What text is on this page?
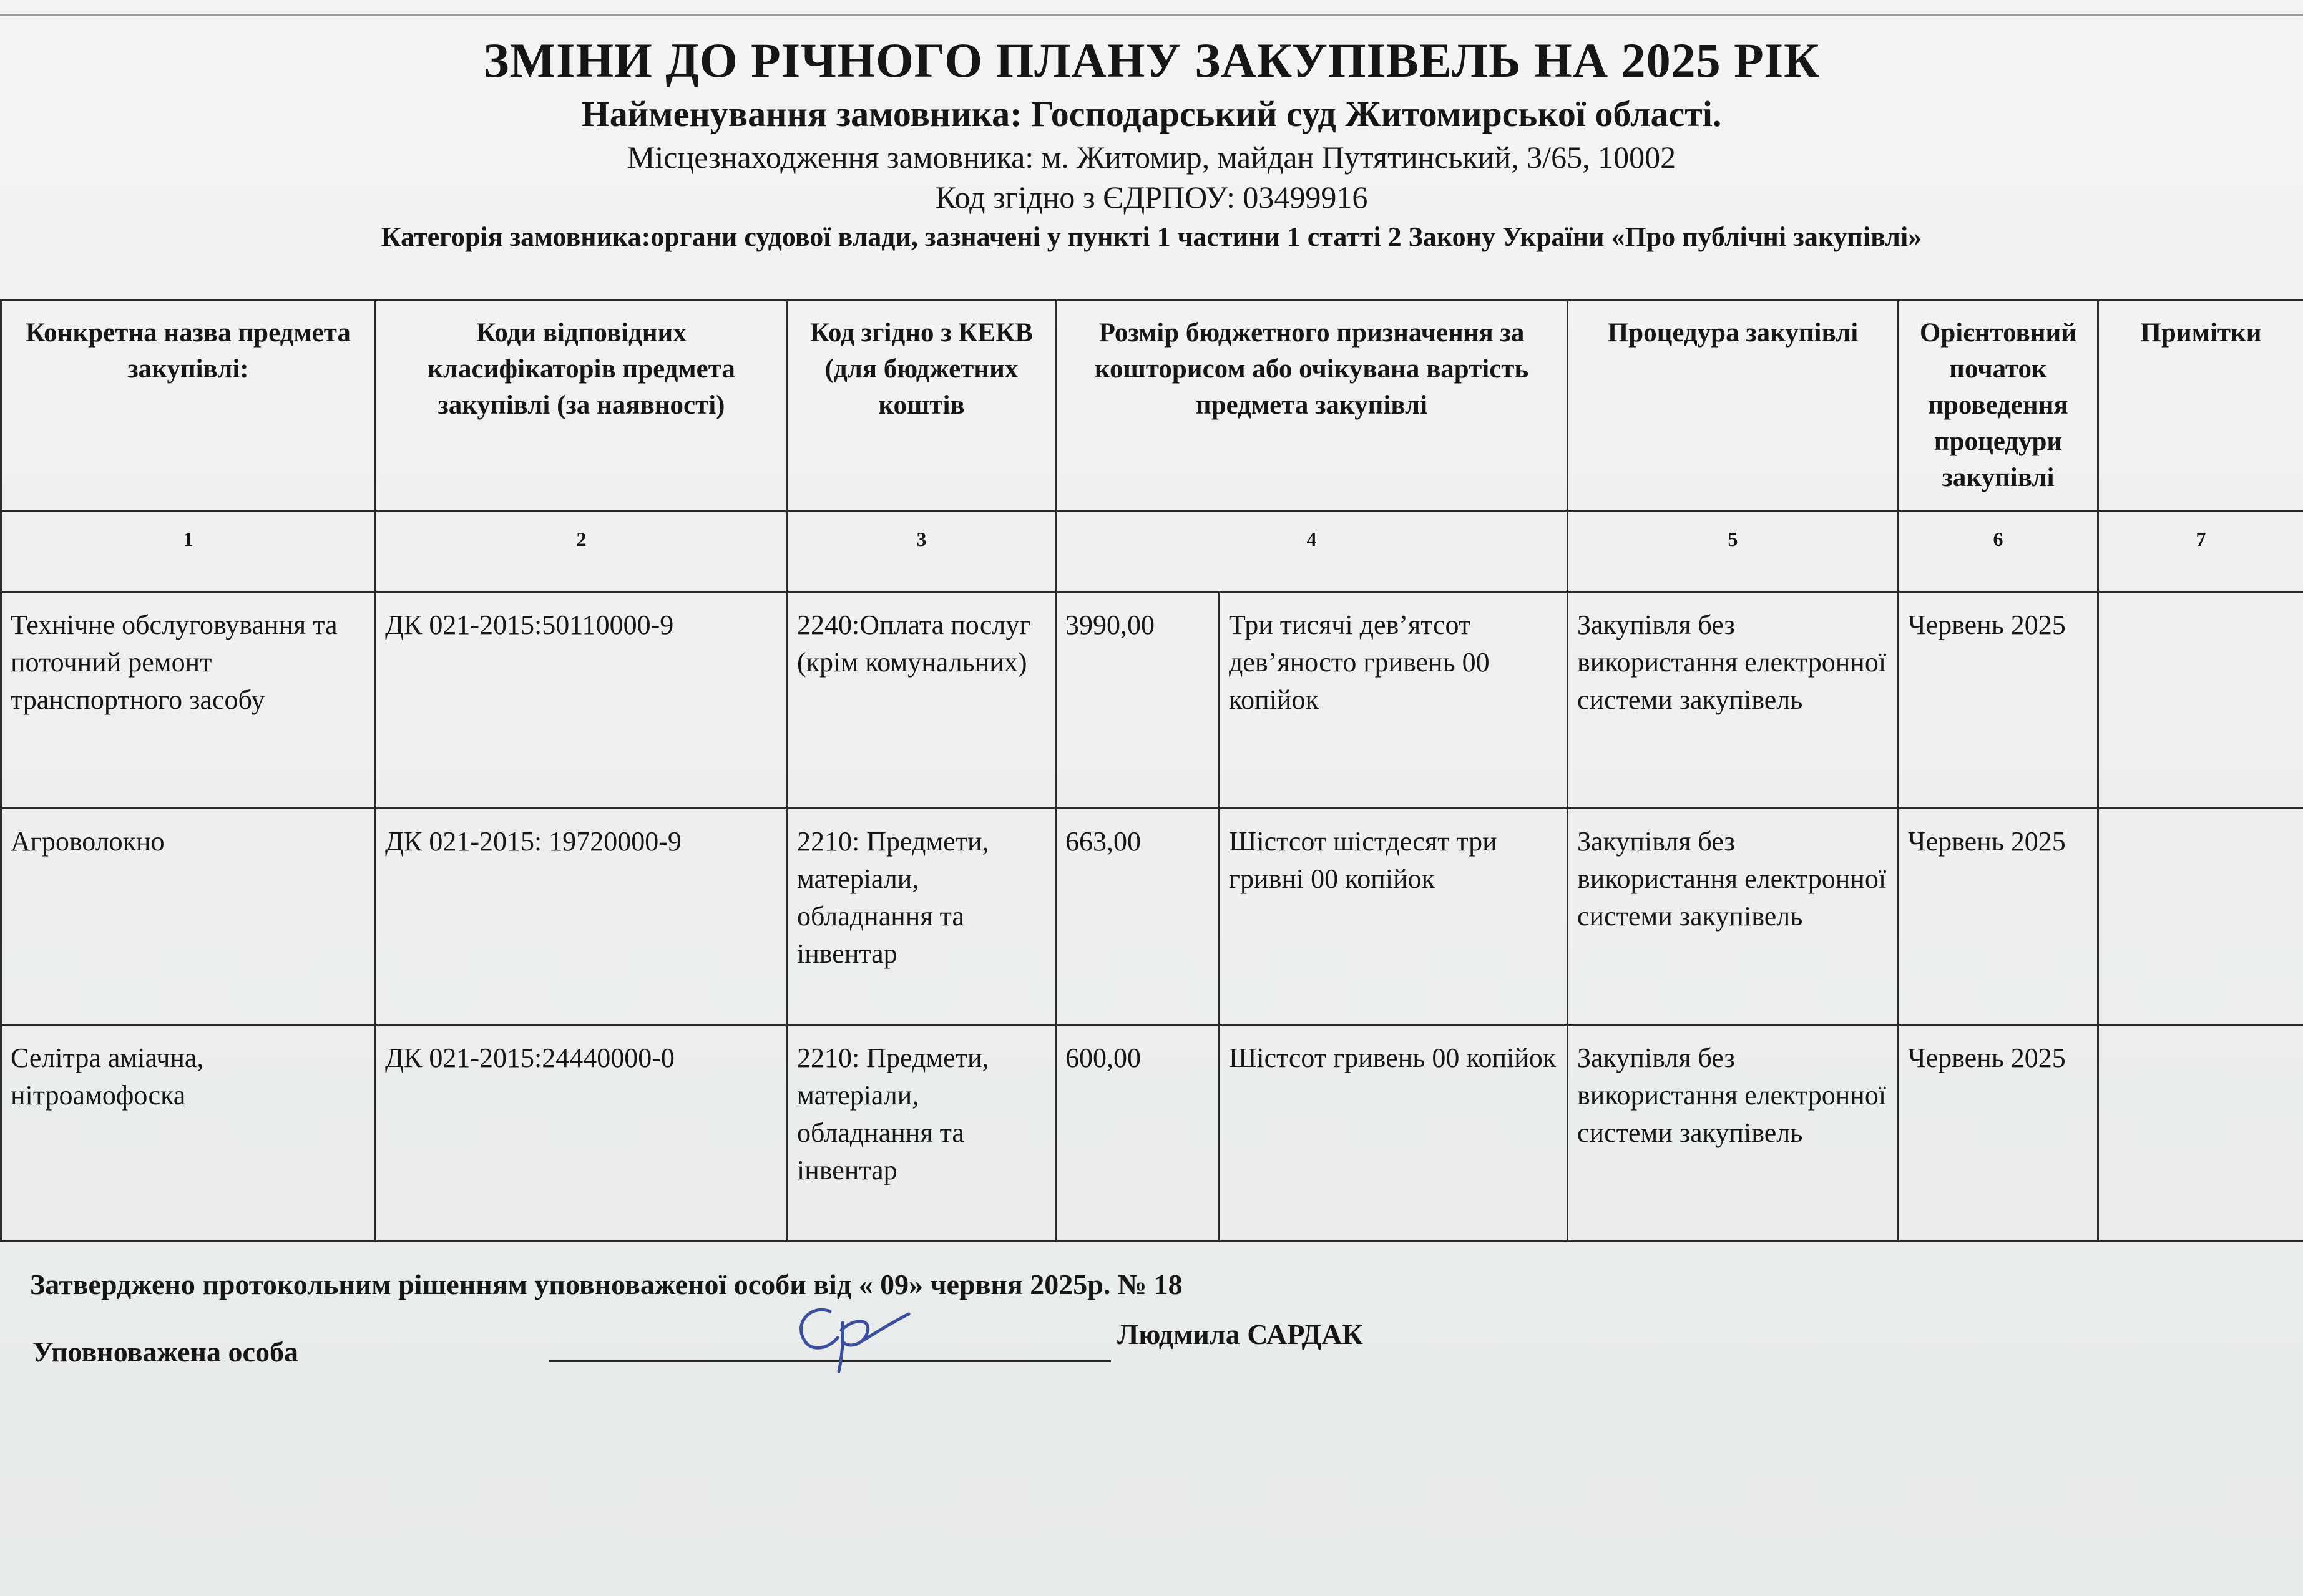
ЗМІНИ ДО РІЧНОГО ПЛАНУ ЗАКУПІВЕЛЬ НА 2025 РІК
Найменування замовника: Господарський суд Житомирської області.
Місцезнаходження замовника: м. Житомир, майдан Путятинський, 3/65, 10002
Код згідно з ЄДРПОУ: 03499916
Категорія замовника:органи судової влади, зазначені у пункті 1 частини 1 статті 2 Закону України «Про публічні закупівлі»
Конкретна назва предмета закупівлі:	Коди відповідних класифікаторів предмета закупівлі (за наявності)	Код згідно з КЕКВ (для бюджетних коштів	Розмір бюджетного призначення за кошторисом або очікувана вартість предмета закупівлі		Процедура закупівлі	Орієнтовний початок проведення процедури закупівлі	Примітки
1	2	3	4		5	6	7
Технічне обслуговування та поточний ремонт транспортного засобу	ДК 021-2015:50110000-9	2240:Оплата послуг (крім комунальних)	3990,00	Три тисячі дев’ятсот дев’яносто гривень 00 копійок	Закупівля без використання електронної системи закупівель	Червень 2025	
Агроволокно	ДК 021-2015: 19720000-9	2210: Предмети, матеріали, обладнання та інвентар	663,00	Шістсот шістдесят три гривні 00 копійок	Закупівля без використання електронної системи закупівель	Червень 2025	
Селітра аміачна, нітроамофоска	ДК 021-2015:24440000-0	2210: Предмети, матеріали, обладнання та інвентар	600,00	Шістсот гривень 00 копійок	Закупівля без використання електронної системи закупівель	Червень 2025	
Затверджено протокольним рішенням уповноваженої особи від « 09» червня 2025р. № 18
Уповноважена особа
Людмила САРДАК
